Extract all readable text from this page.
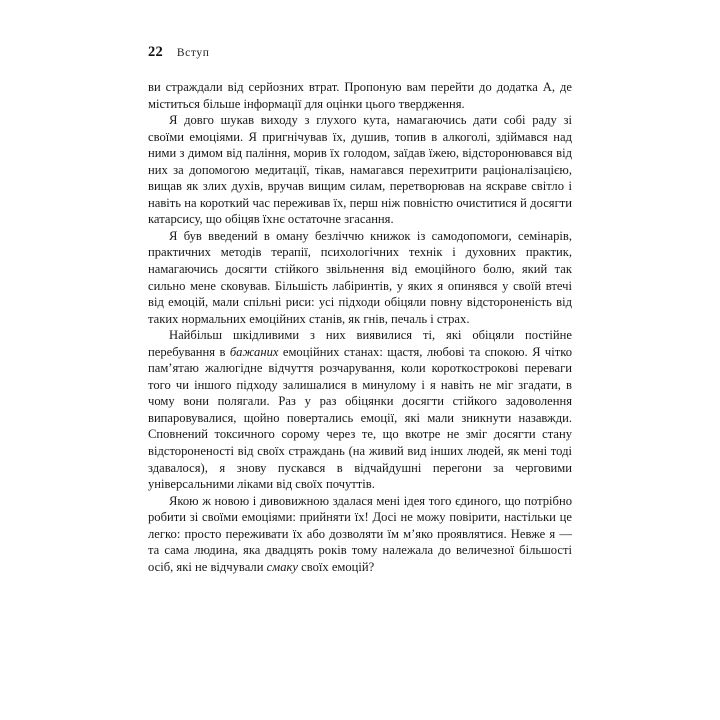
22 Вступ

ви страждали від серйозних втрат. Пропоную вам перейти до додатка А, де міститься більше інформації для оцінки цього твердження.

Я довго шукав виходу з глухого кута, намагаючись дати собі раду зі своїми емоціями. Я пригнічував їх, душив, топив в алкоголі, здіймався над ними з димом від паління, морив їх голодом, заїдав їжею, відсторонювався від них за допомогою медитації, тікав, намагався перехитрити раціоналізацією, вищав як злих духів, вручав вищим силам, перетворював на яскраве світло і навіть на короткий час переживав їх, перш ніж повністю очиститися й досягти катарсису, що обіцяв їхнє остаточне згасання.

Я був введений в оману безліччю книжок із самодопомоги, семінарів, практичних методів терапії, психологічних технік і духовних практик, намагаючись досягти стійкого звільнення від емоційного болю, який так сильно мене сковував. Більшість лабіринтів, у яких я опинявся у своїй втечі від емоцій, мали спільні риси: усі підходи обіцяли повну відстороненість від таких нормальних емоційних станів, як гнів, печаль і страх.

Найбільш шкідливими з них виявилися ті, які обіцяли постійне перебування в бажаних емоційних станах: щастя, любові та спокою. Я чітко пам’ятаю жалюгідне відчуття розчарування, коли короткострокові переваги того чи іншого підходу залишалися в минулому і я навіть не міг згадати, в чому вони полягали. Раз у раз обіцянки досягти стійкого задоволення випаровувалися, щойно повертались емоції, які мали зникнути назавжди. Сповнений токсичного сорому через те, що вкотре не зміг досягти стану відстороненості від своїх страждань (на живий вид інших людей, як мені тоді здавалося), я знову пускався в відчайдушні перегони за черговими універсальними ліками від своїх почуттів.

Якою ж новою і дивовижною здалася мені ідея того єдиного, що потрібно робити зі своїми емоціями: прийняти їх! Досі не можу повірити, настільки це легко: просто переживати їх або дозволяти їм м’яко проявлятися. Невже я — та сама людина, яка двадцять років тому належала до величезної більшості осіб, які не відчували смаку своїх емоцій?
